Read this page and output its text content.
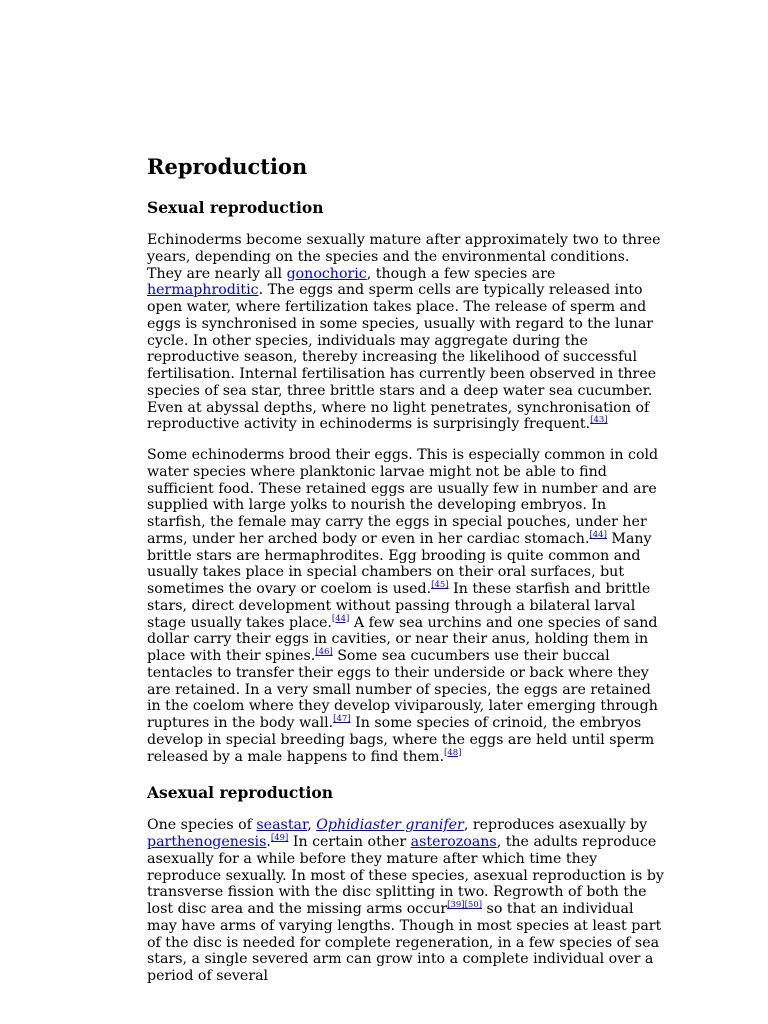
Reproduction
Sexual reproduction

Echinoderms become sexually mature after approximately two to three years, depending on the species and the environmental conditions. They are nearly all gonochoric, though a few species are hermaphroditic. The eggs and sperm cells are typically released into open water, where fertilization takes place. The release of sperm and eggs is synchronised in some species, usually with regard to the lunar cycle. In other species, individuals may aggregate during the reproductive season, thereby increasing the likelihood of successful fertilisation. Internal fertilisation has currently been observed in three species of sea star, three brittle stars and a deep water sea cucumber. Even at abyssal depths, where no light penetrates, synchronisation of reproductive activity in echinoderms is surprisingly frequent.[43]

Some echinoderms brood their eggs. This is especially common in cold water species where planktonic larvae might not be able to find sufficient food. These retained eggs are usually few in number and are supplied with large yolks to nourish the developing embryos. In starfish, the female may carry the eggs in special pouches, under her arms, under her arched body or even in her cardiac stomach.[44] Many brittle stars are hermaphrodites. Egg brooding is quite common and usually takes place in special chambers on their oral surfaces, but sometimes the ovary or coelom is used.[45] In these starfish and brittle stars, direct development without passing through a bilateral larval stage usually takes place.[44] A few sea urchins and one species of sand dollar carry their eggs in cavities, or near their anus, holding them in place with their spines.[46] Some sea cucumbers use their buccal tentacles to transfer their eggs to their underside or back where they are retained. In a very small number of species, the eggs are retained in the coelom where they develop viviparously, later emerging through ruptures in the body wall.[47] In some species of crinoid, the embryos develop in special breeding bags, where the eggs are held until sperm released by a male happens to find them.[48]

Asexual reproduction

One species of seastar, Ophidiaster granifer, reproduces asexually by parthenogenesis.[49] In certain other asterozoans, the adults reproduce asexually for a while before they mature after which time they reproduce sexually. In most of these species, asexual reproduction is by transverse fission with the disc splitting in two. Regrowth of both the lost disc area and the missing arms occur[39][50] so that an individual may have arms of varying lengths. Though in most species at least part of the disc is needed for complete regeneration, in a few species of sea stars, a single severed arm can grow into a complete individual over a period of several
